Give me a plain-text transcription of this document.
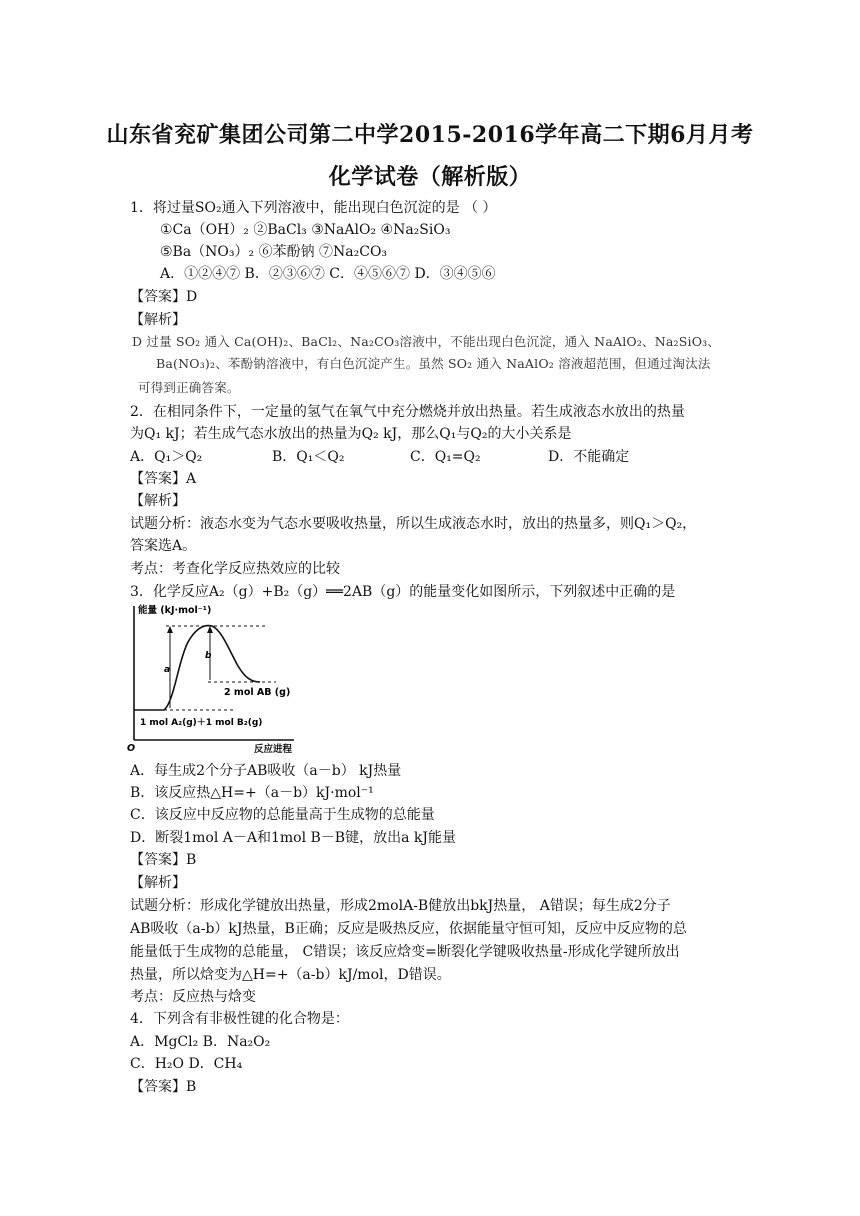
山东省兖矿集团公司第二中学2015-2016学年高二下期6月月考
化学试卷（解析版）
1．将过量SO₂通入下列溶液中，能出现白色沉淀的是 （ ）
①Ca（OH）₂ ②BaCl₃ ③NaAlO₂ ④Na₂SiO₃
⑤Ba（NO₃）₂ ⑥苯酚钠 ⑦Na₂CO₃
A．①②④⑦ B．②③⑥⑦ C．④⑤⑥⑦ D．③④⑤⑥
【答案】D
【解析】
D 过量 SO₂ 通入 Ca(OH)₂、BaCl₂、Na₂CO₃溶液中，不能出现白色沉淀，通入 NaAlO₂、Na₂SiO₃、
Ba(NO₃)₂、苯酚钠溶液中，有白色沉淀产生。虽然 SO₂ 通入 NaAlO₂ 溶液超范围，但通过淘汰法
可得到正确答案。
2．在相同条件下，一定量的氢气在氧气中充分燃烧并放出热量。若生成液态水放出的热量
为Q₁ kJ；若生成气态水放出的热量为Q₂ kJ，那么Q₁与Q₂的大小关系是
A．Q₁＞Q₂	B．Q₁＜Q₂	C．Q₁=Q₂	D．不能确定
【答案】A
【解析】
试题分析：液态水变为气态水要吸收热量，所以生成液态水时，放出的热量多，则Q₁＞Q₂，
答案选A。
考点：考查化学反应热效应的比较
3．化学反应A₂（g）+B₂（g）══2AB（g）的能量变化如图所示，下列叙述中正确的是
能量 (kJ·mol⁻¹)
a
b
2 mol AB (g)
1 mol A₂(g)＋1 mol B₂(g)
O	反应进程
A．每生成2个分子AB吸收（a－b） kJ热量
B．该反应热△H=+（a－b）kJ·mol⁻¹
C．该反应中反应物的总能量高于生成物的总能量
D．断裂1mol A－A和1mol B－B键，放出a kJ能量
【答案】B
【解析】
试题分析：形成化学键放出热量，形成2molA-B健放出bkJ热量， A错误；每生成2分子
AB吸收（a-b）kJ热量，B正确；反应是吸热反应，依据能量守恒可知，反应中反应物的总
能量低于生成物的总能量， C错误；该反应焓变=断裂化学键吸收热量-形成化学键所放出
热量，所以焓变为△H=+（a-b）kJ/mol，D错误。
考点：反应热与焓变
4．下列含有非极性键的化合物是：
A．MgCl₂ B．Na₂O₂
C．H₂O D．CH₄
【答案】B
